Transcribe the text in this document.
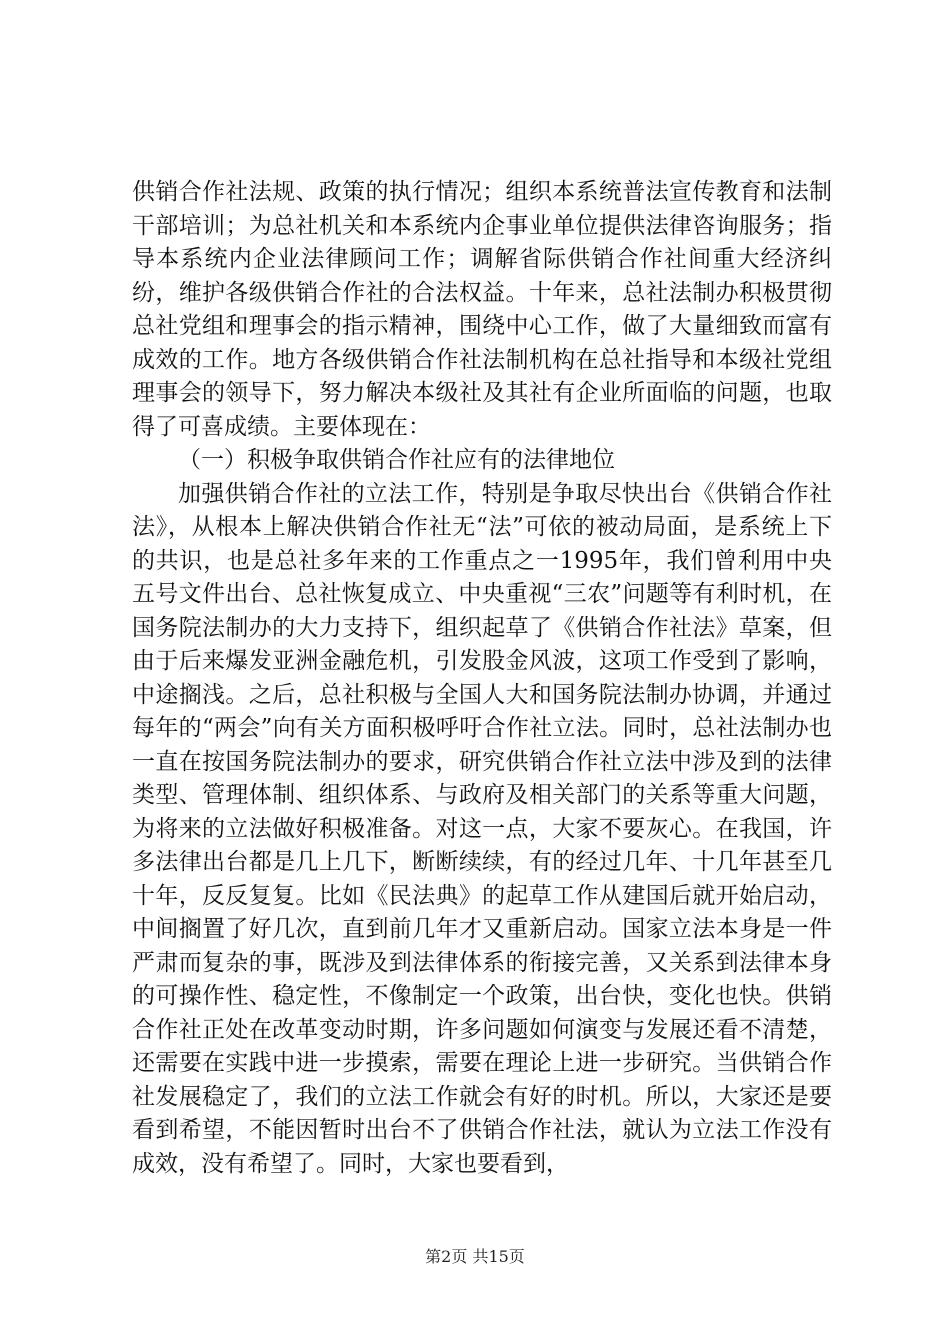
供销合作社法规、政策的执行情况；组织本系统普法宣传教育和法制干部培训；为总社机关和本系统内企事业单位提供法律咨询服务；指导本系统内企业法律顾问工作；调解省际供销合作社间重大经济纠纷，维护各级供销合作社的合法权益。十年来，总社法制办积极贯彻总社党组和理事会的指示精神，围绕中心工作，做了大量细致而富有成效的工作。地方各级供销合作社法制机构在总社指导和本级社党组理事会的领导下，努力解决本级社及其社有企业所面临的问题，也取得了可喜成绩。主要体现在：

（一）积极争取供销合作社应有的法律地位

加强供销合作社的立法工作，特别是争取尽快出台《供销合作社法》，从根本上解决供销合作社无“法”可依的被动局面，是系统上下的共识，也是总社多年来的工作重点之一1995年，我们曾利用中央五号文件出台、总社恢复成立、中央重视“三农”问题等有利时机，在国务院法制办的大力支持下，组织起草了《供销合作社法》草案，但由于后来爆发亚洲金融危机，引发股金风波，这项工作受到了影响，中途搁浅。之后，总社积极与全国人大和国务院法制办协调，并通过每年的“两会”向有关方面积极呼吁合作社立法。同时，总社法制办也一直在按国务院法制办的要求，研究供销合作社立法中涉及到的法律类型、管理体制、组织体系、与政府及相关部门的关系等重大问题，为将来的立法做好积极准备。对这一点，大家不要灰心。在我国，许多法律出台都是几上几下，断断续续，有的经过几年、十几年甚至几十年，反反复复。比如《民法典》的起草工作从建国后就开始启动，中间搁置了好几次，直到前几年才又重新启动。国家立法本身是一件严肃而复杂的事，既涉及到法律体系的衔接完善，又关系到法律本身的可操作性、稳定性，不像制定一个政策，出台快，变化也快。供销合作社正处在改革变动时期，许多问题如何演变与发展还看不清楚，还需要在实践中进一步摸索，需要在理论上进一步研究。当供销合作社发展稳定了，我们的立法工作就会有好的时机。所以，大家还是要看到希望，不能因暂时出台不了供销合作社法，就认为立法工作没有成效，没有希望了。同时，大家也要看到，

第2页 共15页
